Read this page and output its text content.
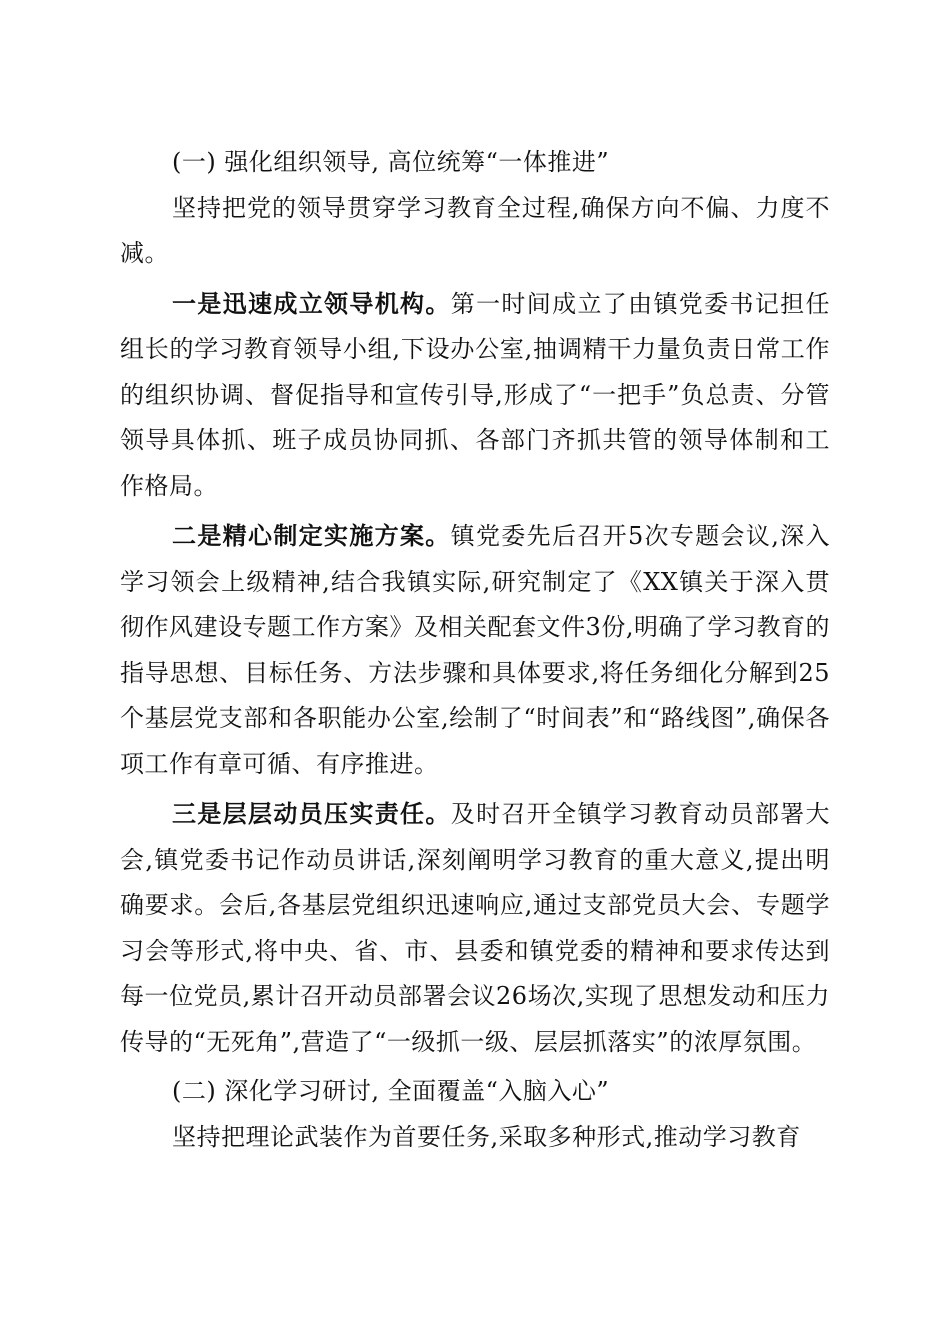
(一) 强化组织领导, 高位统筹“一体推进”

坚持把党的领导贯穿学习教育全过程,确保方向不偏、力度不减。

一是迅速成立领导机构。第一时间成立了由镇党委书记担任组长的学习教育领导小组,下设办公室,抽调精干力量负责日常工作的组织协调、督促指导和宣传引导,形成了“一把手”负总责、分管领导具体抓、班子成员协同抓、各部门齐抓共管的领导体制和工作格局。

二是精心制定实施方案。镇党委先后召开5次专题会议,深入学习领会上级精神,结合我镇实际,研究制定了《XX镇关于深入贯彻作风建设专题工作方案》及相关配套文件3份,明确了学习教育的指导思想、目标任务、方法步骤和具体要求,将任务细化分解到25个基层党支部和各职能办公室,绘制了“时间表”和“路线图”,确保各项工作有章可循、有序推进。

三是层层动员压实责任。及时召开全镇学习教育动员部署大会,镇党委书记作动员讲话,深刻阐明学习教育的重大意义,提出明确要求。会后,各基层党组织迅速响应,通过支部党员大会、专题学习会等形式,将中央、省、市、县委和镇党委的精神和要求传达到每一位党员,累计召开动员部署会议26场次,实现了思想发动和压力传导的“无死角”,营造了“一级抓一级、层层抓落实”的浓厚氛围。

(二) 深化学习研讨, 全面覆盖“入脑入心”

坚持把理论武装作为首要任务,采取多种形式,推动学习教育
